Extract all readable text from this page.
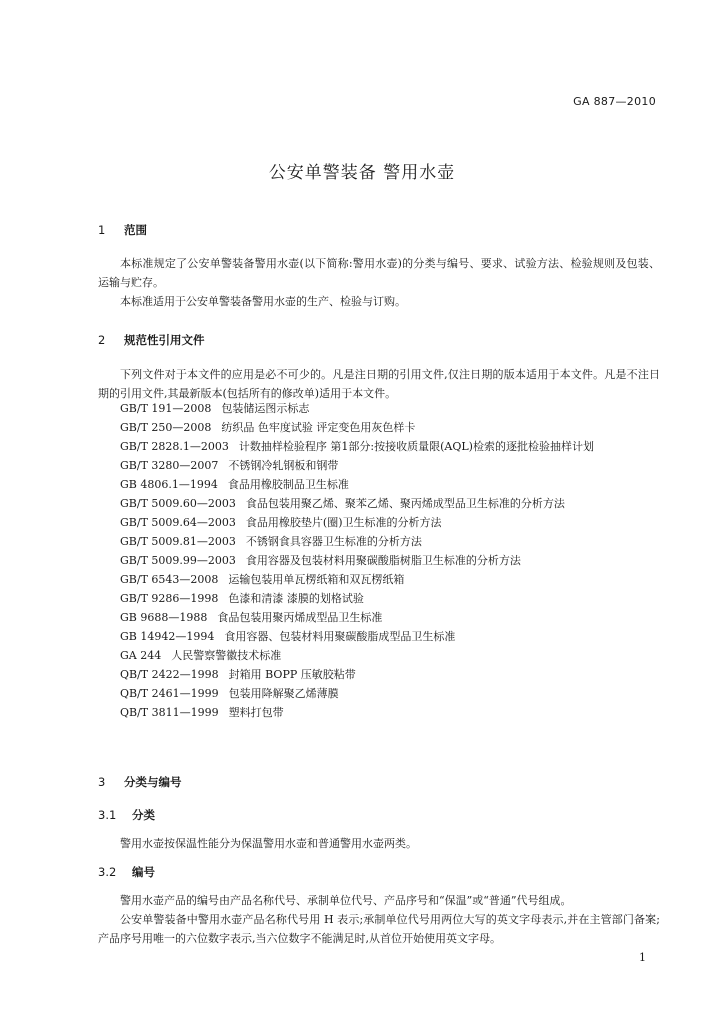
GA 887—2010
公安单警装备 警用水壶
1 范围
本标准规定了公安单警装备警用水壶(以下简称:警用水壶)的分类与编号、要求、试验方法、检验规则及包装、运输与贮存。
本标准适用于公安单警装备警用水壶的生产、检验与订购。
2 规范性引用文件
下列文件对于本文件的应用是必不可少的。凡是注日期的引用文件,仅注日期的版本适用于本文件。凡是不注日期的引用文件,其最新版本(包括所有的修改单)适用于本文件。
GB/T 191—2008 包装储运图示标志
GB/T 250—2008 纺织品 色牢度试验 评定变色用灰色样卡
GB/T 2828.1—2003 计数抽样检验程序 第1部分:按接收质量限(AQL)检索的逐批检验抽样计划
GB/T 3280—2007 不锈钢冷轧钢板和钢带
GB 4806.1—1994 食品用橡胶制品卫生标准
GB/T 5009.60—2003 食品包装用聚乙烯、聚苯乙烯、聚丙烯成型品卫生标准的分析方法
GB/T 5009.64—2003 食品用橡胶垫片(圈)卫生标准的分析方法
GB/T 5009.81—2003 不锈钢食具容器卫生标准的分析方法
GB/T 5009.99—2003 食用容器及包装材料用聚碳酸脂树脂卫生标准的分析方法
GB/T 6543—2008 运输包装用单瓦楞纸箱和双瓦楞纸箱
GB/T 9286—1998 色漆和清漆 漆膜的划格试验
GB 9688—1988 食品包装用聚丙烯成型品卫生标准
GB 14942—1994 食用容器、包装材料用聚碳酸脂成型品卫生标准
GA 244 人民警察警徽技术标准
QB/T 2422—1998 封箱用 BOPP 压敏胶粘带
QB/T 2461—1999 包装用降解聚乙烯薄膜
QB/T 3811—1999 塑料打包带
3 分类与编号
3.1 分类
警用水壶按保温性能分为保温警用水壶和普通警用水壶两类。
3.2 编号
警用水壶产品的编号由产品名称代号、承制单位代号、产品序号和“保温”或“普通”代号组成。
公安单警装备中警用水壶产品名称代号用 H 表示;承制单位代号用两位大写的英文字母表示,并在主管部门备案;产品序号用唯一的六位数字表示,当六位数字不能满足时,从首位开始使用英文字母。
1
